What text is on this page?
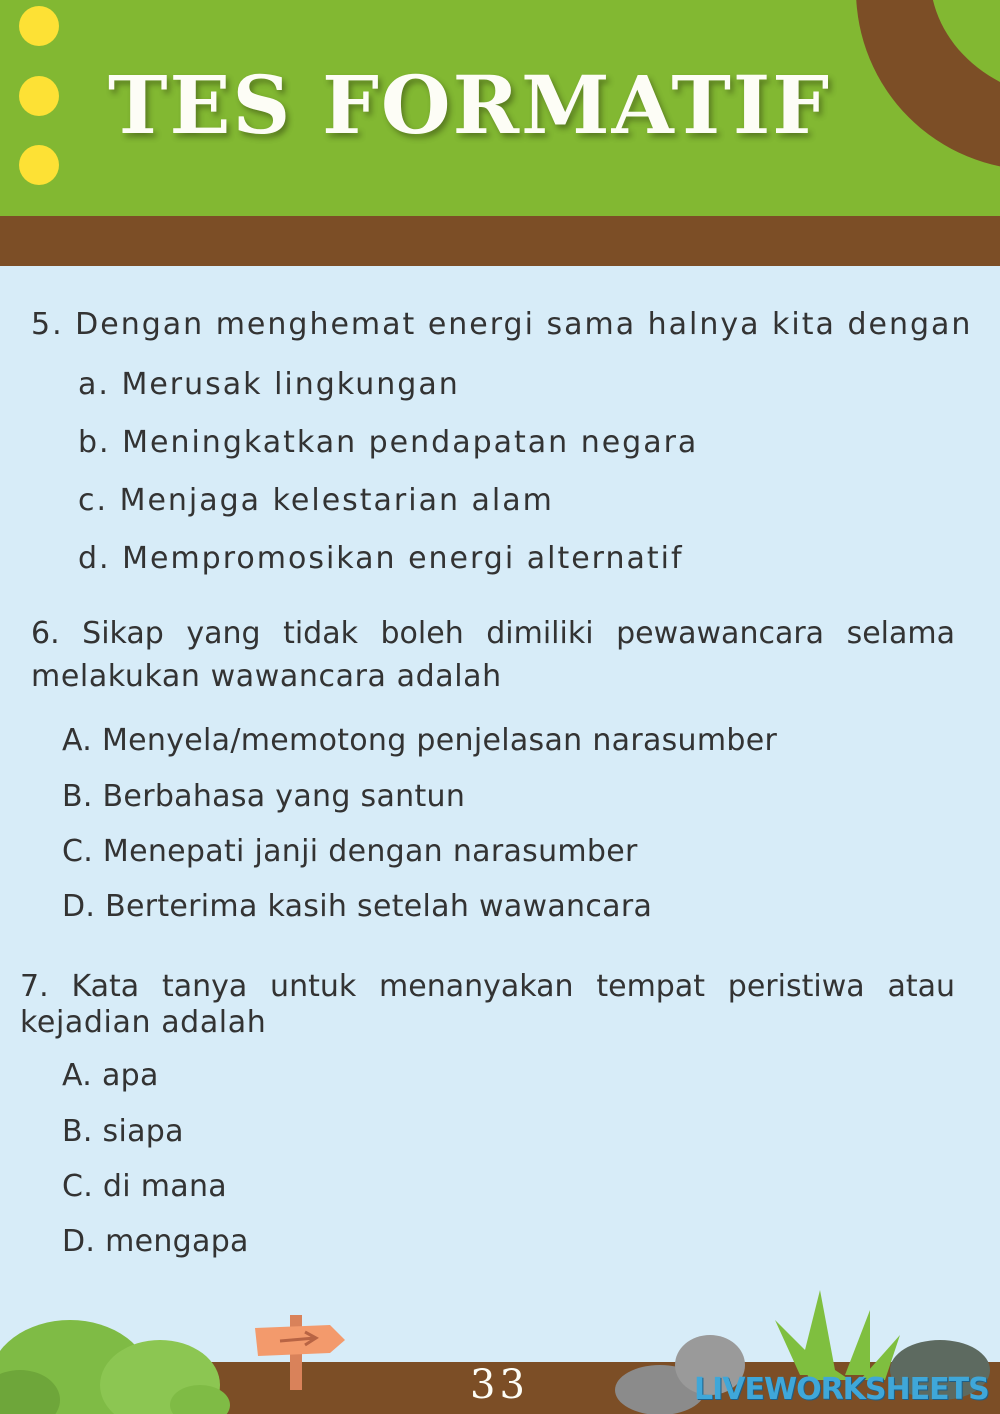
TES FORMATIF

5. Dengan menghemat energi sama halnya kita dengan

a. Merusak lingkungan

b. Meningkatkan pendapatan negara

c. Menjaga kelestarian alam

d. Mempromosikan energi alternatif

6. Sikap yang tidak boleh dimiliki pewawancara selama

melakukan wawancara adalah

A. Menyela/memotong penjelasan narasumber

B. Berbahasa yang santun

C. Menepati janji dengan narasumber

D. Berterima kasih setelah wawancara

7. Kata tanya untuk menanyakan tempat peristiwa atau

kejadian adalah

A. apa

B. siapa

C. di mana

D. mengapa

33	LIVEWORKSHEETS
